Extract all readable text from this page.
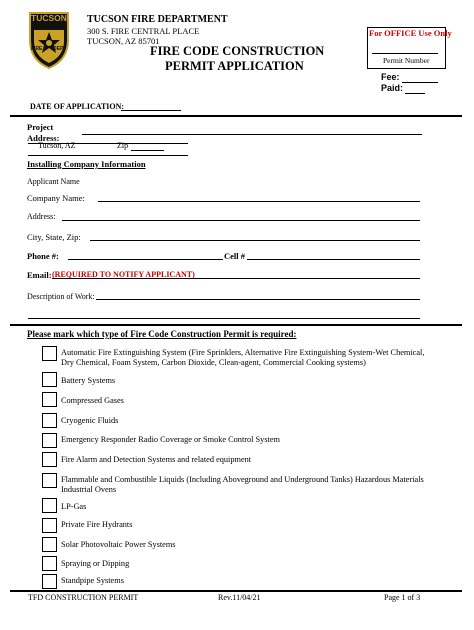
TUCSON
FIRE DEPT
TUCSON FIRE DEPARTMENT
300 S. FIRE CENTRAL PLACE
TUCSON, AZ 85701
FIRE CODE CONSTRUCTION
PERMIT APPLICATION
For OFFICE Use Only
Permit Number
Fee:
Paid:
DATE OF APPLICATION:
Project
Address:
Tucson, AZ	Zip
Installing Company Information
Applicant Name
Company Name:
Address:
City, State, Zip:
Phone #:	Cell #
Email: (REQUIRED TO NOTIFY APPLICANT)
Description of Work:
Please mark which type of Fire Code Construction Permit is required:
Automatic Fire Extinguishing System (Fire Sprinklers, Alternative Fire Extinguishing System-Wet Chemical, Dry Chemical, Foam System, Carbon Dioxide, Clean-agent, Commercial Cooking systems)
Battery Systems
Compressed Gases
Cryogenic Fluids
Emergency Responder Radio Coverage or Smoke Control System
Fire Alarm and Detection Systems and related equipment
Flammable and Combustible Liquids (Including Aboveground and Underground Tanks) Hazardous Materials Industrial Ovens
LP-Gas
Private Fire Hydrants
Solar Photovoltaic Power Systems
Spraying or Dipping
Standpipe Systems
TFD CONSTRUCTION PERMIT	Rev.11/04/21	Page 1 of 3
